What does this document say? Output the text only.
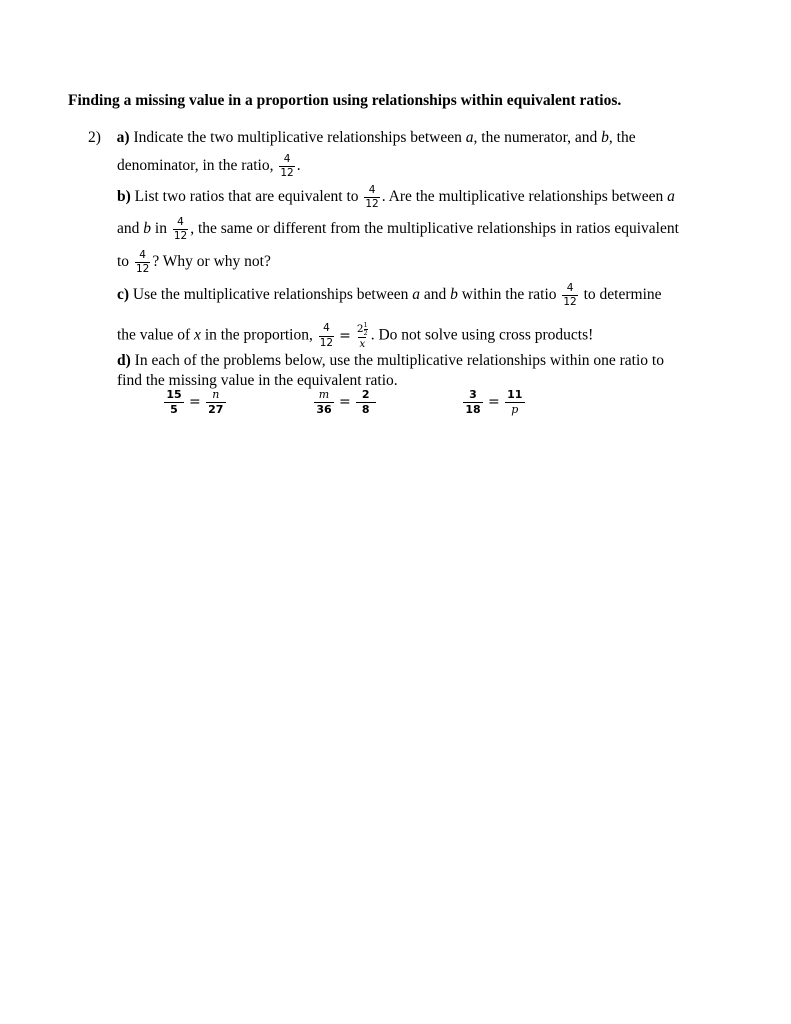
Finding a missing value in a proportion using relationships within equivalent ratios.
2) a) Indicate the two multiplicative relationships between a, the numerator, and b, the
denominator, in the ratio, $\frac{4}{12}$ .
b) List two ratios that are equivalent to $\frac{4}{12}$ . Are the multiplicative relationships between a
and b in $\frac{4}{12}$ , the same or different from the multiplicative relationships in ratios equivalent
to $\frac{4}{12}$ ? Why or why not?
c) Use the multiplicative relationships between a and b within the ratio $\frac{4}{12}$ to determine
the value of x in the proportion, $\frac{4}{12} = \frac{2 \frac{1}{2}}{x}$ . Do not solve using cross products!
d) In each of the problems below, use the multiplicative relationships within one ratio to
find the missing value in the equivalent ratio.
$\frac{15}{5} = \frac{n}{27}$	$\frac{m}{36} = \frac{2}{8}$	$\frac{3}{18} = \frac{11}{p}$
